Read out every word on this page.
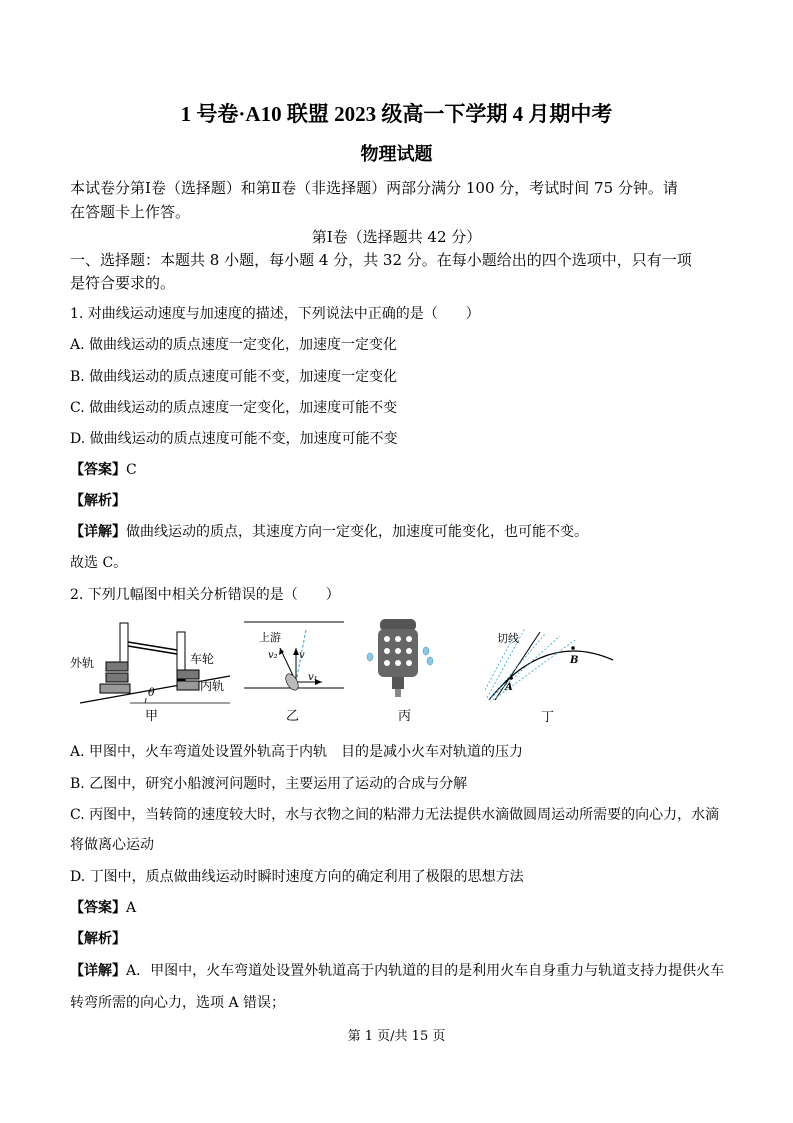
1 号卷·A10 联盟 2023 级高一下学期 4 月期中考
物理试题
本试卷分第Ⅰ卷（选择题）和第Ⅱ卷（非选择题）两部分满分 100 分，考试时间 75 分钟。请
在答题卡上作答。
第Ⅰ卷（选择题共 42 分）
一、选择题：本题共 8 小题，每小题 4 分，共 32 分。在每小题给出的四个选项中，只有一项
是符合要求的。
1. 对曲线运动速度与加速度的描述，下列说法中正确的是（　　）
A. 做曲线运动的质点速度一定变化，加速度一定变化
B. 做曲线运动的质点速度可能不变，加速度一定变化
C. 做曲线运动的质点速度一定变化，加速度可能不变
D. 做曲线运动的质点速度可能不变，加速度可能不变
【答案】C
【解析】
【详解】做曲线运动的质点，其速度方向一定变化，加速度可能变化，也可能不变。
故选 C。
2. 下列几幅图中相关分析错误的是（　　）
外轨	车轮
内轨
θ
甲
上游
v₂ v
v₁
乙	丙
切线
A
B
丁
A. 甲图中，火车弯道处设置外轨高于内轨　目的是减小火车对轨道的压力
B. 乙图中，研究小船渡河问题时，主要运用了运动的合成与分解
C. 丙图中，当转筒的速度较大时，水与衣物之间的粘滞力无法提供水滴做圆周运动所需要的向心力，水滴
将做离心运动
D. 丁图中，质点做曲线运动时瞬时速度方向的确定利用了极限的思想方法
【答案】A
【解析】
【详解】A．甲图中，火车弯道处设置外轨道高于内轨道的目的是利用火车自身重力与轨道支持力提供火车
转弯所需的向心力，选项 A 错误；
第 1 页/共 15 页
